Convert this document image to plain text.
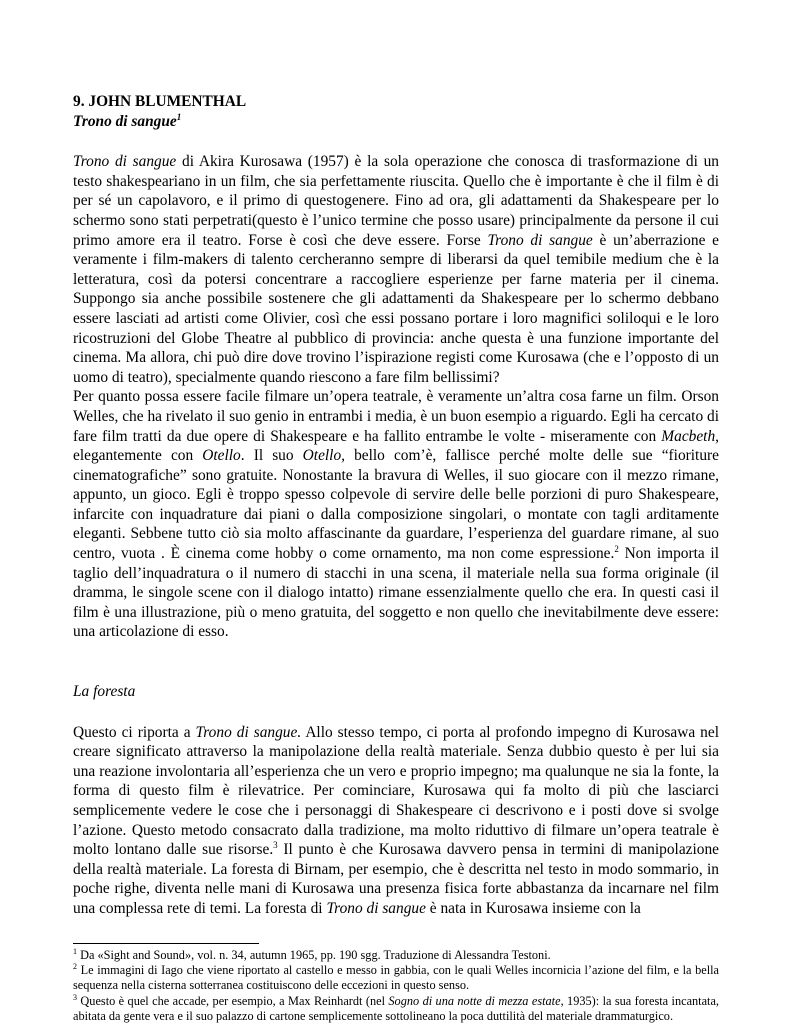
9. JOHN BLUMENTHAL

Trono di sangue$^1$

Trono di sangue di Akira Kurosawa (1957) è la sola operazione che conosca di trasformazione di un testo shakespeariano in un film, che sia perfettamente riuscita. Quello che è importante è che il film è di per sé un capolavoro, e il primo di questogenere. Fino ad ora, gli adattamenti da Shakespeare per lo schermo sono stati perpetrati(questo è l’unico termine che posso usare) principalmente da persone il cui primo amore era il teatro. Forse è così che deve essere. Forse Trono di sangue è un’aberrazione e veramente i film-makers di talento cercheranno sempre di liberarsi da quel temibile medium che è la letteratura, così da potersi concentrare a raccogliere esperienze per farne materia per il cinema. Suppongo sia anche possibile sostenere che gli adattamenti da Shakespeare per lo schermo debbano essere lasciati ad artisti come Olivier, così che essi possano portare i loro magnifici soliloqui e le loro ricostruzioni del Globe Theatre al pubblico di provincia: anche questa è una funzione importante del cinema. Ma allora, chi può dire dove trovino l’ispirazione registi come Kurosawa (che e l’opposto di un uomo di teatro), specialmente quando riescono a fare film bellissimi?

Per quanto possa essere facile filmare un’opera teatrale, è veramente un’altra cosa farne un film. Orson Welles, che ha rivelato il suo genio in entrambi i media, è un buon esempio a riguardo. Egli ha cercato di fare film tratti da due opere di Shakespeare e ha fallito entrambe le volte - miseramente con Macbeth, elegantemente con Otello. Il suo Otello, bello com’è, fallisce perché molte delle sue “fioriture cinematografiche” sono gratuite. Nonostante la bravura di Welles, il suo giocare con il mezzo rimane, appunto, un gioco. Egli è troppo spesso colpevole di servire delle belle porzioni di puro Shakespeare, infarcite con inquadrature dai piani o dalla composizione singolari, o montate con tagli arditamente eleganti. Sebbene tutto ciò sia molto affascinante da guardare, l’esperienza del guardare rimane, al suo centro, vuota . È cinema come hobby o come ornamento, ma non come espressione.$^2$ Non importa il taglio dell’inquadratura o il numero di stacchi in una scena, il materiale nella sua forma originale (il dramma, le singole scene con il dialogo intatto) rimane essenzialmente quello che era. In questi casi il film è una illustrazione, più o meno gratuita, del soggetto e non quello che inevitabilmente deve essere: una articolazione di esso.

La foresta

Questo ci riporta a Trono di sangue. Allo stesso tempo, ci porta al profondo impegno di Kurosawa nel creare significato attraverso la manipolazione della realtà materiale. Senza dubbio questo è per lui sia una reazione involontaria all’esperienza che un vero e proprio impegno; ma qualunque ne sia la fonte, la forma di questo film è rilevatrice. Per cominciare, Kurosawa qui fa molto di più che lasciarci semplicemente vedere le cose che i personaggi di Shakespeare ci descrivono e i posti dove si svolge l’azione. Questo metodo consacrato dalla tradizione, ma molto riduttivo di filmare un’opera teatrale è molto lontano dalle sue risorse.$^3$ Il punto è che Kurosawa davvero pensa in termini di manipolazione della realtà materiale. La foresta di Birnam, per esempio, che è descritta nel testo in modo sommario, in poche righe, diventa nelle mani di Kurosawa una presenza fisica forte abbastanza da incarnare nel film una complessa rete di temi. La foresta di Trono di sangue è nata in Kurosawa insieme con la

$^1$ Da «Sight and Sound», vol. n. 34, autumn 1965, pp. 190 sgg. Traduzione di Alessandra Testoni.

$^2$ Le immagini di Iago che viene riportato al castello e messo in gabbia, con le quali Welles incornicia l’azione del film, e la bella sequenza nella cisterna sotterranea costituiscono delle eccezioni in questo senso.

$^3$ Questo è quel che accade, per esempio, a Max Reinhardt (nel Sogno di una notte di mezza estate, 1935): la sua foresta incantata, abitata da gente vera e il suo palazzo di cartone semplicemente sottolineano la poca duttilità del materiale drammaturgico.
